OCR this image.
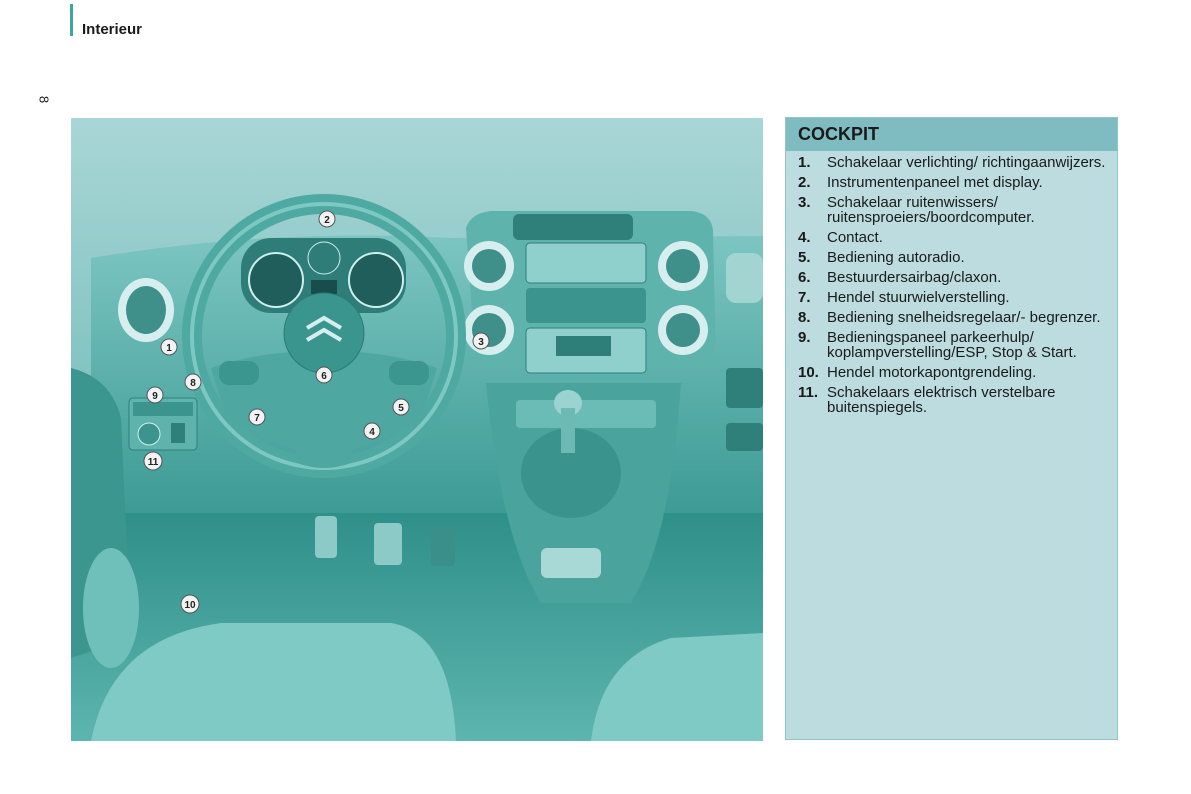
Interieur
8
1
2
3
4
5
6
7
8
9
10
11
COCKPIT
1.	Schakelaar verlichting/ richtingaanwijzers.
2.	Instrumentenpaneel met display.
3.	Schakelaar ruitenwissers/ ruitensproeiers/boordcomputer.
4.	Contact.
5.	Bediening autoradio.
6.	Bestuurdersairbag/claxon.
7.	Hendel stuurwielverstelling.
8.	Bediening snelheidsregelaar/- begrenzer.
9.	Bedieningspaneel parkeerhulp/ koplampverstelling/ESP, Stop & Start.
10. Hendel motorkapontgrendeling.
11. Schakelaars elektrisch verstelbare buitenspiegels.
